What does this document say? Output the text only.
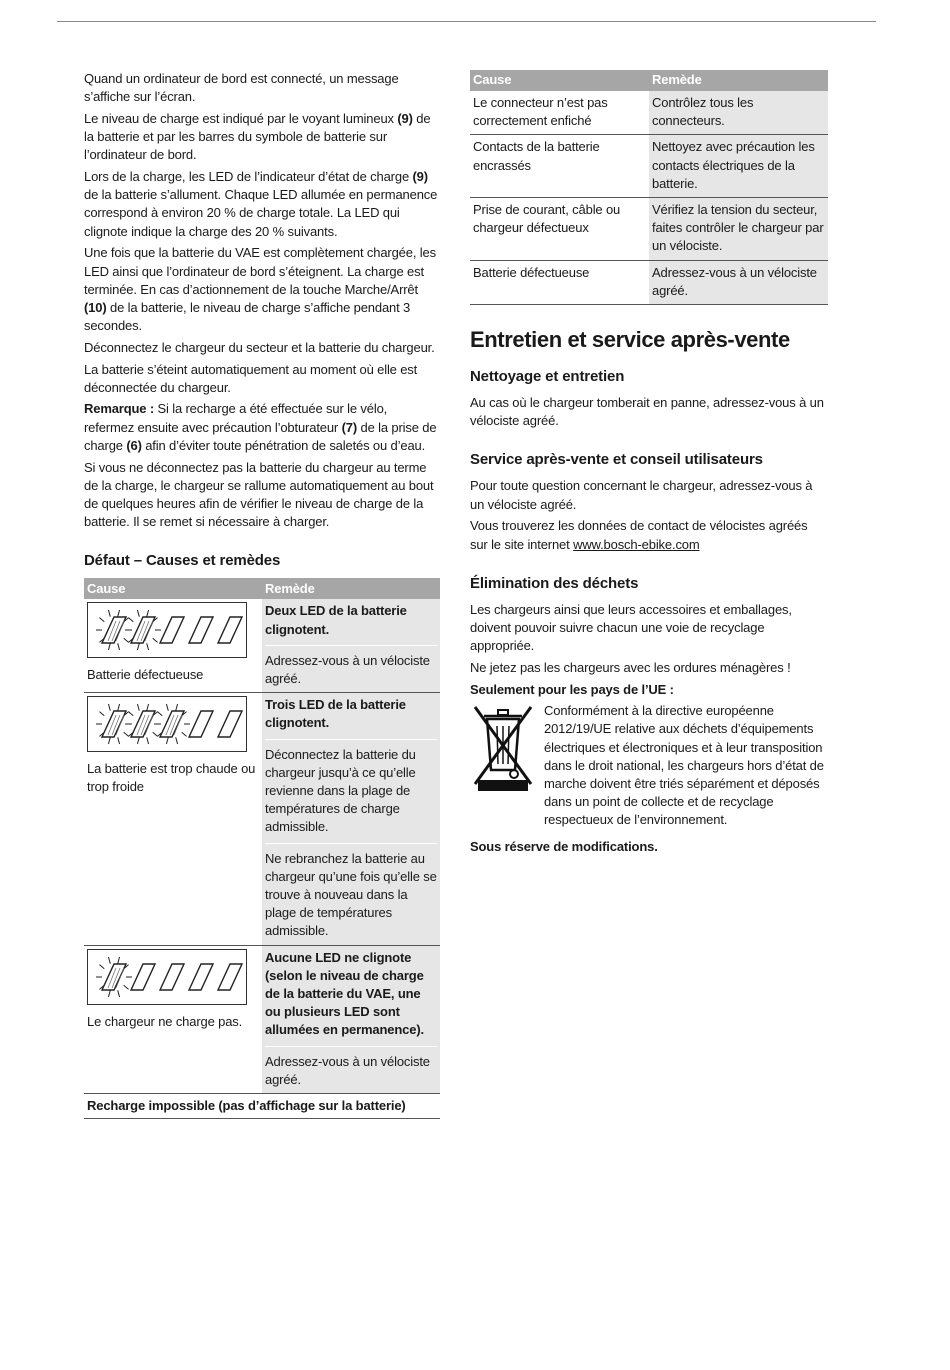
Quand un ordinateur de bord est connecté, un message s’affiche sur l’écran.

Le niveau de charge est indiqué par le voyant lumineux (9) de la batterie et par les barres du symbole de batterie sur l’ordinateur de bord.

Lors de la charge, les LED de l’indicateur d’état de charge (9) de la batterie s’allument. Chaque LED allumée en permanence correspond à environ 20 % de charge totale. La LED qui clignote indique la charge des 20 % suivants.

Une fois que la batterie du VAE est complètement chargée, les LED ainsi que l’ordinateur de bord s’éteignent. La charge est terminée. En cas d’actionnement de la touche Marche/Arrêt (10) de la batterie, le niveau de charge s’affiche pendant 3 secondes.

Déconnectez le chargeur du secteur et la batterie du chargeur.

La batterie s’éteint automatiquement au moment où elle est déconnectée du chargeur.

Remarque : Si la recharge a été effectuée sur le vélo, refermez ensuite avec précaution l’obturateur (7) de la prise de charge (6) afin d’éviter toute pénétration de saletés ou d’eau.

Si vous ne déconnectez pas la batterie du chargeur au terme de la charge, le chargeur se rallume automatiquement au bout de quelques heures afin de vérifier le niveau de charge de la batterie. Il se remet si nécessaire à charger.

Défaut – Causes et remèdes
Cause	Remède

Batterie défectueuse	Deux LED de la batterie clignotent.
Adressez-vous à un vélociste agréé.

La batterie est trop chaude ou trop froide	Trois LED de la batterie clignotent.
Déconnectez la batterie du chargeur jusqu’à ce qu’elle revienne dans la plage de températures de charge admissible.
Ne rebranchez la batterie au chargeur qu’une fois qu’elle se trouve à nouveau dans la plage de températures admissible.

Le chargeur ne charge pas.	Aucune LED ne clignote (selon le niveau de charge de la batterie du VAE, une ou plusieurs LED sont allumées en permanence).
Adressez-vous à un vélociste agréé.

Recharge impossible (pas d’affichage sur la batterie)	
Cause	Remède
Le connecteur n’est pas correctement enfiché	Contrôlez tous les connecteurs.
Contacts de la batterie encrassés	Nettoyez avec précaution les contacts électriques de la batterie.
Prise de courant, câble ou chargeur défectueux	Vérifiez la tension du secteur, faites contrôler le chargeur par un vélociste.
Batterie défectueuse	Adressez-vous à un vélociste agréé.
Entretien et service après-vente
Nettoyage et entretien

Au cas où le chargeur tomberait en panne, adressez-vous à un vélociste agréé.

Service après-vente et conseil utilisateurs

Pour toute question concernant le chargeur, adressez-vous à un vélociste agréé.

Vous trouverez les données de contact de vélocistes agréés sur le site internet www.bosch-ebike.com

Élimination des déchets

Les chargeurs ainsi que leurs accessoires et emballages, doivent pouvoir suivre chacun une voie de recyclage appropriée.

Ne jetez pas les chargeurs avec les ordures ménagères !

Seulement pour les pays de l’UE :

Conformément à la directive européenne 2012/19/UE relative aux déchets d’équipements électriques et électroniques et à leur transposition dans le droit national, les chargeurs hors d’état de marche doivent être triés séparément et déposés dans un point de collecte et de recyclage respectueux de l’environnement.

Sous réserve de modifications.
